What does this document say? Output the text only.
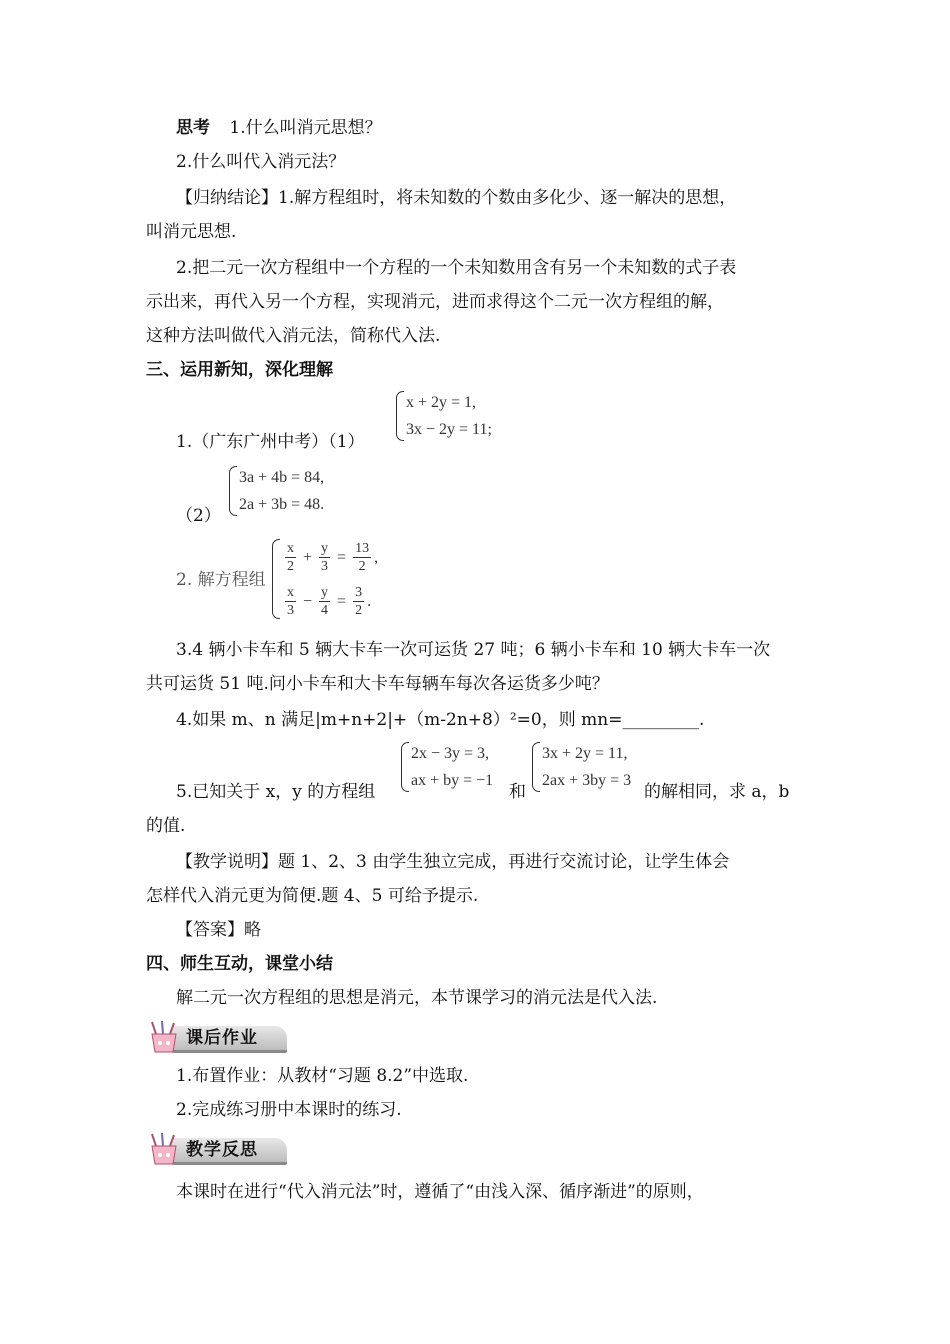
思考 1.什么叫消元思想？
2.什么叫代入消元法？
【归纳结论】1.解方程组时，将未知数的个数由多化少、逐一解决的思想，
叫消元思想.
2.把二元一次方程组中一个方程的一个未知数用含有另一个未知数的式子表
示出来，再代入另一个方程，实现消元，进而求得这个二元一次方程组的解，
这种方法叫做代入消元法，简称代入法.
三、运用新知，深化理解
1.（广东广州中考）（1）
x + 2y = 1,
3x − 2y = 11;
（2）
3a + 4b = 84,
2a + 3b = 48.
2. 解方程组
$\frac{x}{2} + \frac{y}{3} = \frac{13}{2}$ ,
$\frac{x}{3} - \frac{y}{4} = \frac{3}{2}$ .
3.4 辆小卡车和 5 辆大卡车一次可运货 27 吨；6 辆小卡车和 10 辆大卡车一次
共可运货 51 吨.问小卡车和大卡车每辆车每次各运货多少吨？
4.如果 m、n 满足|m+n+2|+（m-2n+8）²=0，则 mn=_________.
5.已知关于 x，y 的方程组
2x − 3y = 3,
ax + by = −1
和
3x + 2y = 11,
2ax + 3by = 3
的解相同，求 a，b
的值.
【教学说明】题 1、2、3 由学生独立完成，再进行交流讨论，让学生体会
怎样代入消元更为简便.题 4、5 可给予提示.
【答案】略
四、师生互动，课堂小结
解二元一次方程组的思想是消元，本节课学习的消元法是代入法.
课后作业
1.布置作业：从教材“习题 8.2”中选取.
2.完成练习册中本课时的练习.
教学反思
本课时在进行“代入消元法”时，遵循了“由浅入深、循序渐进”的原则，
